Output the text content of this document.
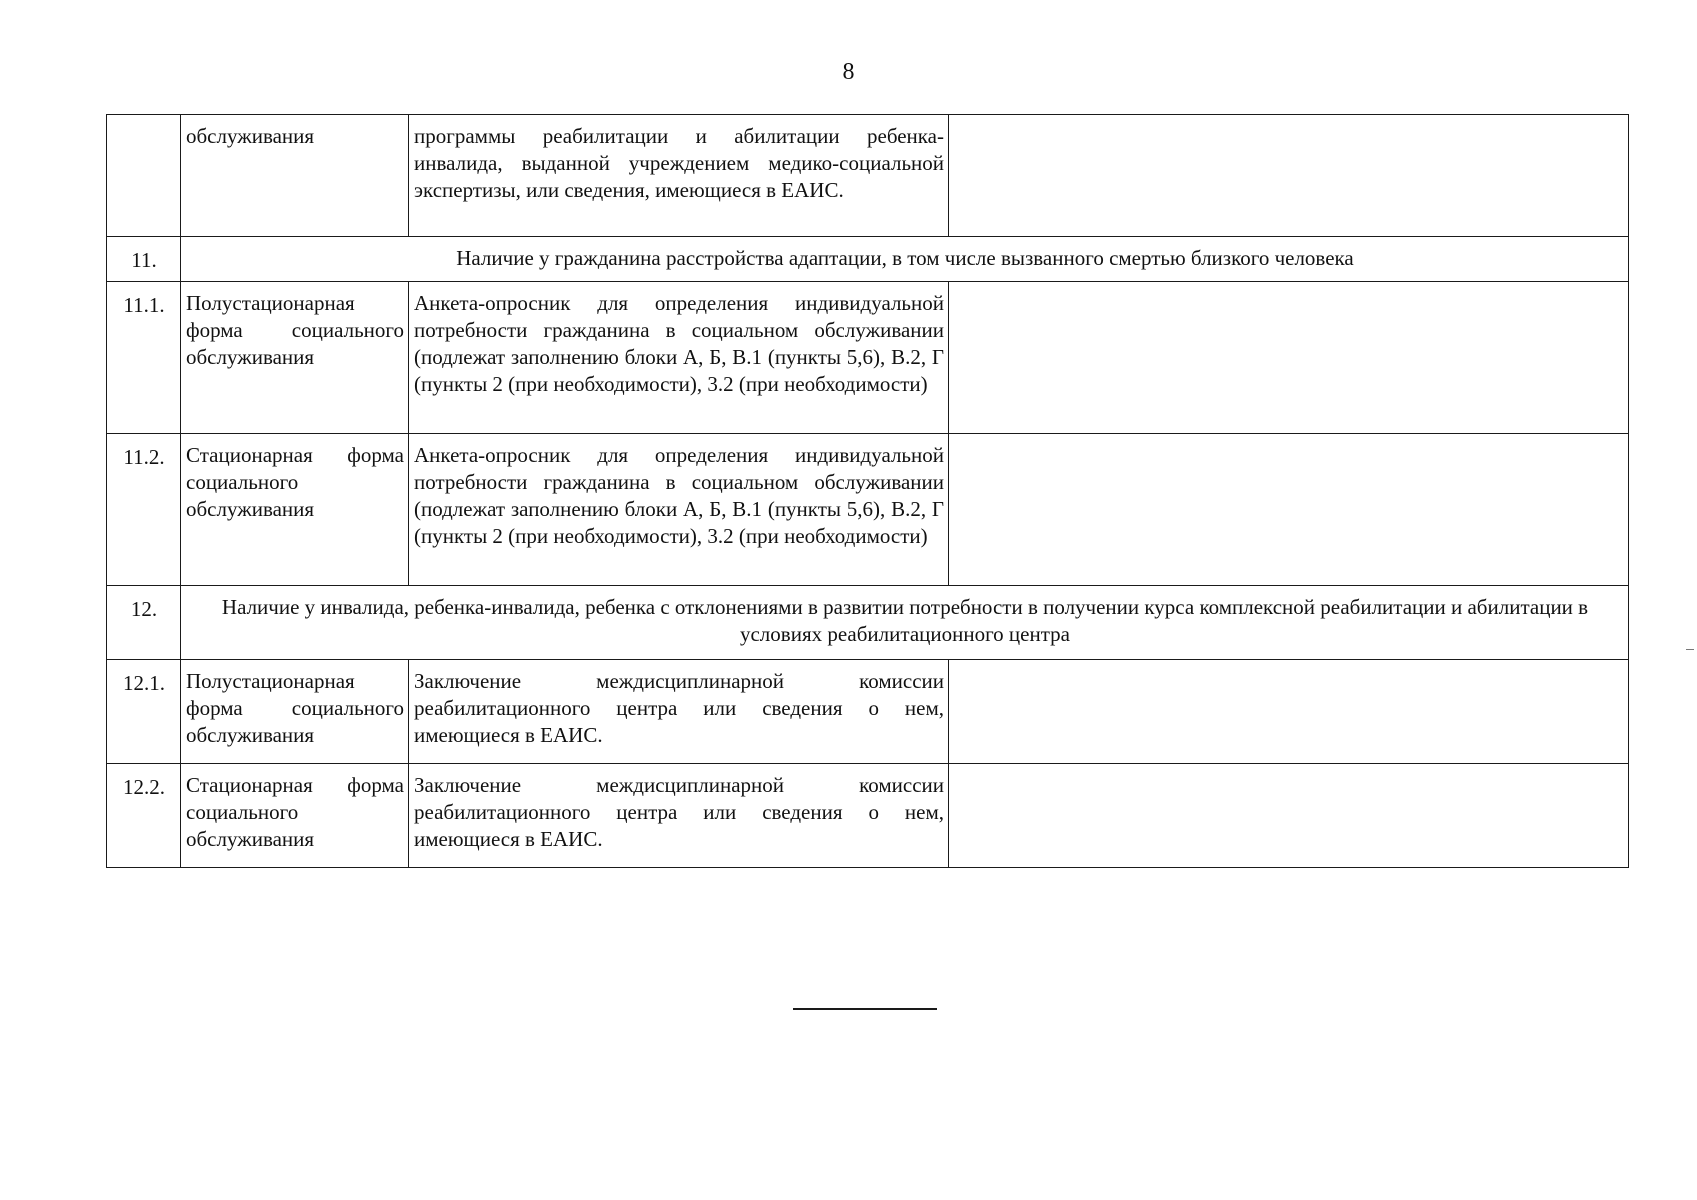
8
	обслуживания	программы реабилитации и абилитации ребенка-инвалида, выданной учреждением медико-социальной экспертизы, или сведения, имеющиеся в ЕАИС.	
11.	Наличие у гражданина расстройства адаптации, в том числе вызванного смертью близкого человека		
11.1.	Полустационарная форма социального обслуживания	Анкета-опросник для определения индивидуальной потребности гражданина в социальном обслуживании (подлежат заполнению блоки А, Б, В.1 (пункты 5,6), В.2, Г (пункты 2 (при необходимости), 3.2 (при необходимости)	
11.2.	Стационарная форма социального обслуживания	Анкета-опросник для определения индивидуальной потребности гражданина в социальном обслуживании (подлежат заполнению блоки А, Б, В.1 (пункты 5,6), В.2, Г (пункты 2 (при необходимости), 3.2 (при необходимости)	
12.	Наличие у инвалида, ребенка-инвалида, ребенка с отклонениями в развитии потребности в получении курса комплексной реабилитации и абилитации в условиях реабилитационного центра		
12.1.	Полустационарная форма социального обслуживания	Заключение междисциплинарной комиссии реабилитационного центра или сведения о нем, имеющиеся в ЕАИС.	
12.2.	Стационарная форма социального обслуживания	Заключение междисциплинарной комиссии реабилитационного центра или сведения о нем, имеющиеся в ЕАИС.	
